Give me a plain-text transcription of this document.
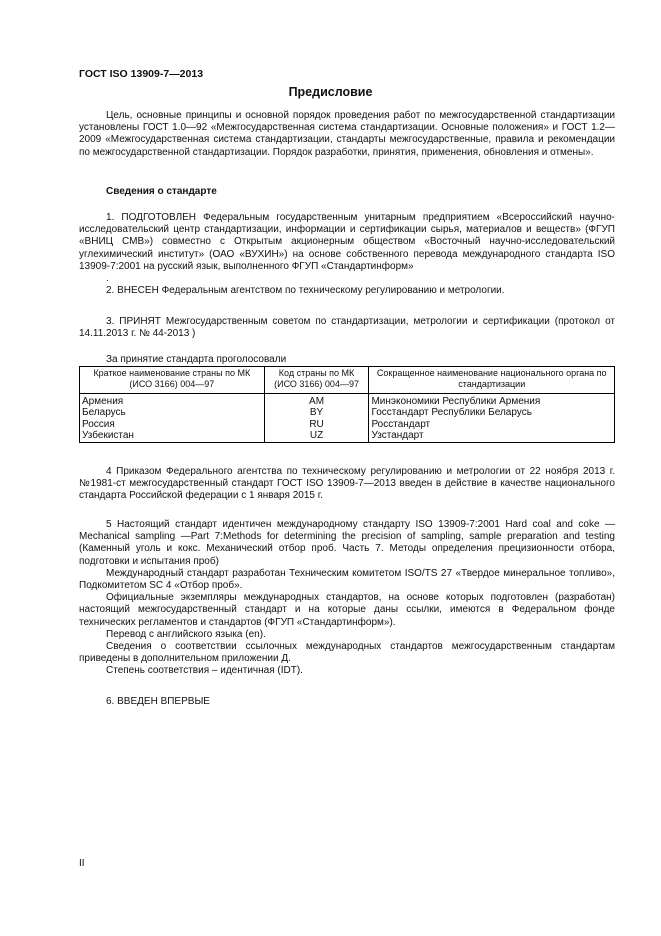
ГОСТ ISO 13909-7—2013
Предисловие

Цель, основные принципы и основной порядок проведения работ по межгосударственной стандартизации установлены ГОСТ 1.0—92 «Межгосударственная система стандартизации. Основные положения» и ГОСТ 1.2—2009 «Межгосударственная система стандартизации, стандарты межгосударственные, правила и рекомендации по межгосударственной стандартизации. Порядок разработки, принятия, применения, обновления и отмены».

Сведения о стандарте

1. ПОДГОТОВЛЕН Федеральным государственным унитарным предприятием «Всероссийский научно-исследовательский центр стандартизации, информации и сертификации сырья, материалов и веществ» (ФГУП «ВНИЦ СМВ») совместно с Открытым акционерным обществом «Восточный научно-исследовательский углехимический институт» (ОАО «ВУХИН») на основе собственного перевода международного стандарта ISO 13909-7:2001 на русский язык, выполненного ФГУП «Стандартинформ»

.

2. ВНЕСЕН Федеральным агентством по техническому регулированию и метрологии.

3. ПРИНЯТ Межгосударственным советом по стандартизации, метрологии и сертификации (протокол от 14.11.2013 г. № 44-2013 )

За принятие стандарта проголосовали

Краткое наименование страны по МК (ИСО 3166) 004—97	Код страны по МК (ИСО 3166) 004—97	Сокращенное наименование национального органа по стандартизации
Армения	AM	Минэкономики Республики Армения
Беларусь	BY	Госстандарт Республики Беларусь
Россия	RU	Росстандарт
Узбекистан	UZ	Узстандарт

4 Приказом Федерального агентства по техническому регулированию и метрологии от 22 ноября 2013 г. №1981-ст межгосударственный стандарт ГОСТ ISO 13909-7—2013 введен в действие в качестве национального стандарта Российской федерации с 1 января 2015 г.

5 Настоящий стандарт идентичен международному стандарту ISO 13909-7:2001 Hard coal and coke — Mechanical sampling —Part 7:Methods for determining the precision of sampling, sample preparation and testing (Каменный уголь и кокс. Механический отбор проб. Часть 7. Методы определения прецизионности отбора, подготовки и испытания проб)

Международный стандарт разработан Техническим комитетом ISO/TS 27 «Твердое минеральное топливо», Подкомитетом SC 4 «Отбор проб».

Официальные экземпляры международных стандартов, на основе которых подготовлен (разработан) настоящий межгосударственный стандарт и на которые даны ссылки, имеются в Федеральном фонде технических регламентов и стандартов (ФГУП «Стандартинформ»).

Перевод с английского языка (en).

Сведения о соответствии ссылочных международных стандартов межгосударственным стандартам приведены в дополнительном приложении Д.

Степень соответствия – идентичная (IDT).

6. ВВЕДЕН ВПЕРВЫЕ

II
